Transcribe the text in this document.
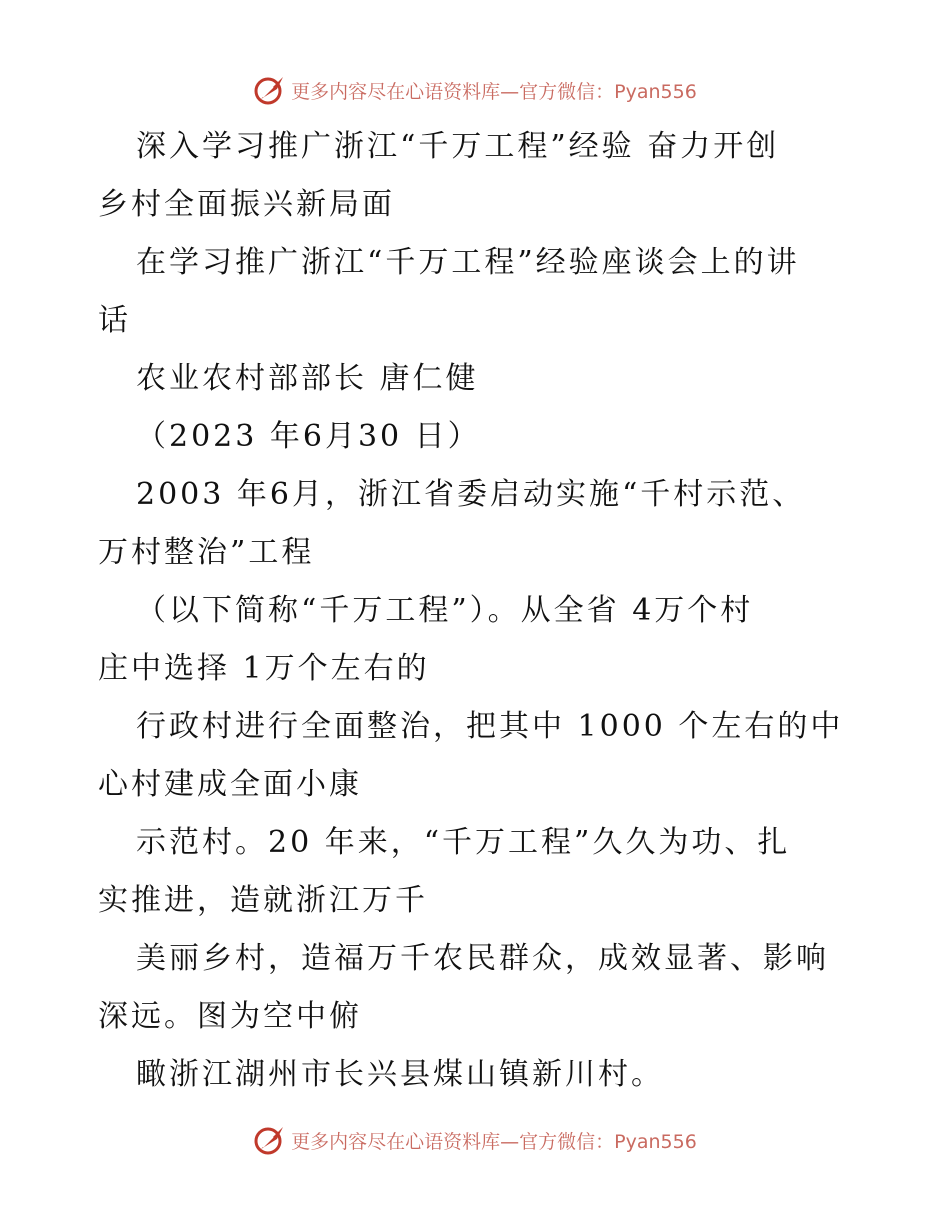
更多内容尽在心语资料库—官方微信：Pyan556
深入学习推广浙江“千万工程”经验 奋力开创
乡村全面振兴新局面
在学习推广浙江“千万工程”经验座谈会上的讲
话
农业农村部部长 唐仁健
（2023 年6月30 日）
2003 年6月，浙江省委启动实施“千村示范、
万村整治”工程
（以下简称“千万工程”）。从全省 4万个村
庄中选择 1万个左右的
行政村进行全面整治，把其中 1000 个左右的中
心村建成全面小康
示范村。20 年来，“千万工程”久久为功、扎
实推进，造就浙江万千
美丽乡村，造福万千农民群众，成效显著、影响
深远。图为空中俯
瞰浙江湖州市长兴县煤山镇新川村。
更多内容尽在心语资料库—官方微信：Pyan556
